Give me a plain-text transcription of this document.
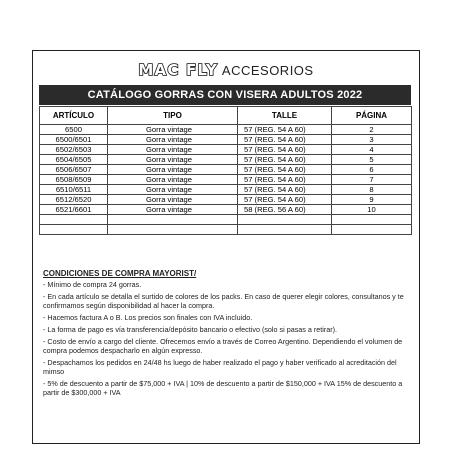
MAC FLY ACCESORIOS
CATÁLOGO GORRAS CON VISERA ADULTOS 2022
ARTÍCULO	TIPO	TALLE	PÁGINA
6500	Gorra vintage	57 (REG. 54 A 60)	2
6500/6501	Gorra vintage	57 (REG. 54 A 60)	3
6502/6503	Gorra vintage	57 (REG. 54 A 60)	4
6504/6505	Gorra vintage	57 (REG. 54 A 60)	5
6506/6507	Gorra vintage	57 (REG. 54 A 60)	6
6508/6509	Gorra vintage	57 (REG. 54 A 60)	7
6510/6511	Gorra vintage	57 (REG. 54 A 60)	8
6512/6520	Gorra vintage	57 (REG. 54 A 60)	9
6521/6601	Gorra vintage	58 (REG. 56 A 60)	10

CONDICIONES DE COMPRA MAYORIST/
- Mínimo de compra 24 gorras.
- En cada artículo se detalla el surtido de colores de los packs. En caso de querer elegir colores, consultanos y te confirmamos según disponibilidad al hacer la compra.
- Hacemos factura A o B. Los precios son finales con IVA incluido.
- La forma de pago es vía transferencia/depósito bancario o efectivo (solo si pasas a retirar).
- Costo de envío a cargo del cliente. Ofrecemos envío a través de Correo Argentino. Dependiendo el volumen de compra podemos despacharlo en algún expresso.
- Despachamos los pedidos en 24/48 hs luego de haber realizado el pago y haber verificado al acreditación del mimso
- 5% de descuento a partir de $75,000 + IVA | 10% de descuento a partir de $150,000 + IVA 15% de descuento a partir de $300,000 + IVA
